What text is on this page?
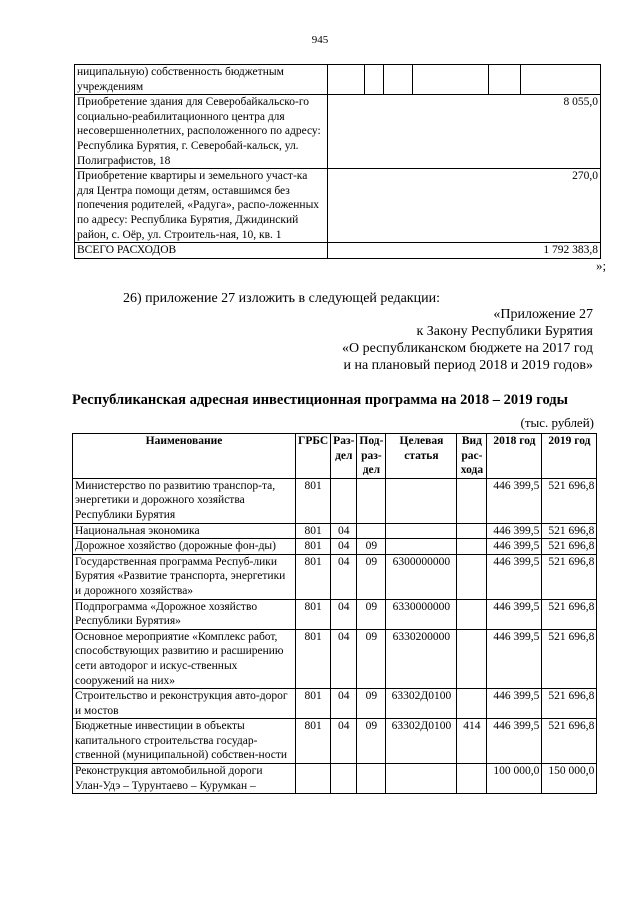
945
ниципальную) собственность бюджетным учреждениям						
Приобретение здания для Северобайкальско-го социально-реабилитационного центра для несовершеннолетних, расположенного по адресу: Республика Бурятия, г. Северобай-кальск, ул. Полиграфистов, 18	8 055,0					
Приобретение квартиры и земельного участ-ка для Центра помощи детям, оставшимся без попечения родителей, «Радуга», распо-ложенных по адресу: Республика Бурятия, Джидинский район, с. Оёр, ул. Строитель-ная, 10, кв. 1	270,0					
ВСЕГО РАСХОДОВ	1 792 383,8					
»;
26) приложение 27 изложить в следующей редакции:
«Приложение 27
к Закону Республики Бурятия
«О республиканском бюджете на 2017 год
и на плановый период 2018 и 2019 годов»
Республиканская адресная инвестиционная программа на 2018 – 2019 годы
(тыс. рублей)
Наименование	ГРБС	Раз-дел	Под-раз-дел	Целевая статья	Вид рас-хода	2018 год	2019 год
Министерство по развитию транспор-та, энергетики и дорожного хозяйства Республики Бурятия	801					446 399,5	521 696,8
Национальная экономика	801	04				446 399,5	521 696,8
Дорожное хозяйство (дорожные фон-ды)	801	04	09			446 399,5	521 696,8
Государственная программа Респуб-лики Бурятия «Развитие транспорта, энергетики и дорожного хозяйства»	801	04	09	6300000000		446 399,5	521 696,8
Подпрограмма «Дорожное хозяйство Республики Бурятия»	801	04	09	6330000000		446 399,5	521 696,8
Основное мероприятие «Комплекс работ, способствующих развитию и расширению сети автодорог и искус-ственных сооружений на них»	801	04	09	6330200000		446 399,5	521 696,8
Строительство и реконструкция авто-дорог и мостов	801	04	09	63302Д0100		446 399,5	521 696,8
Бюджетные инвестиции в объекты капитального строительства государ-ственной (муниципальной) собствен-ности	801	04	09	63302Д0100	414	446 399,5	521 696,8
Реконструкция автомобильной дороги Улан-Удэ – Турунтаево – Курумкан –						100 000,0	150 000,0
